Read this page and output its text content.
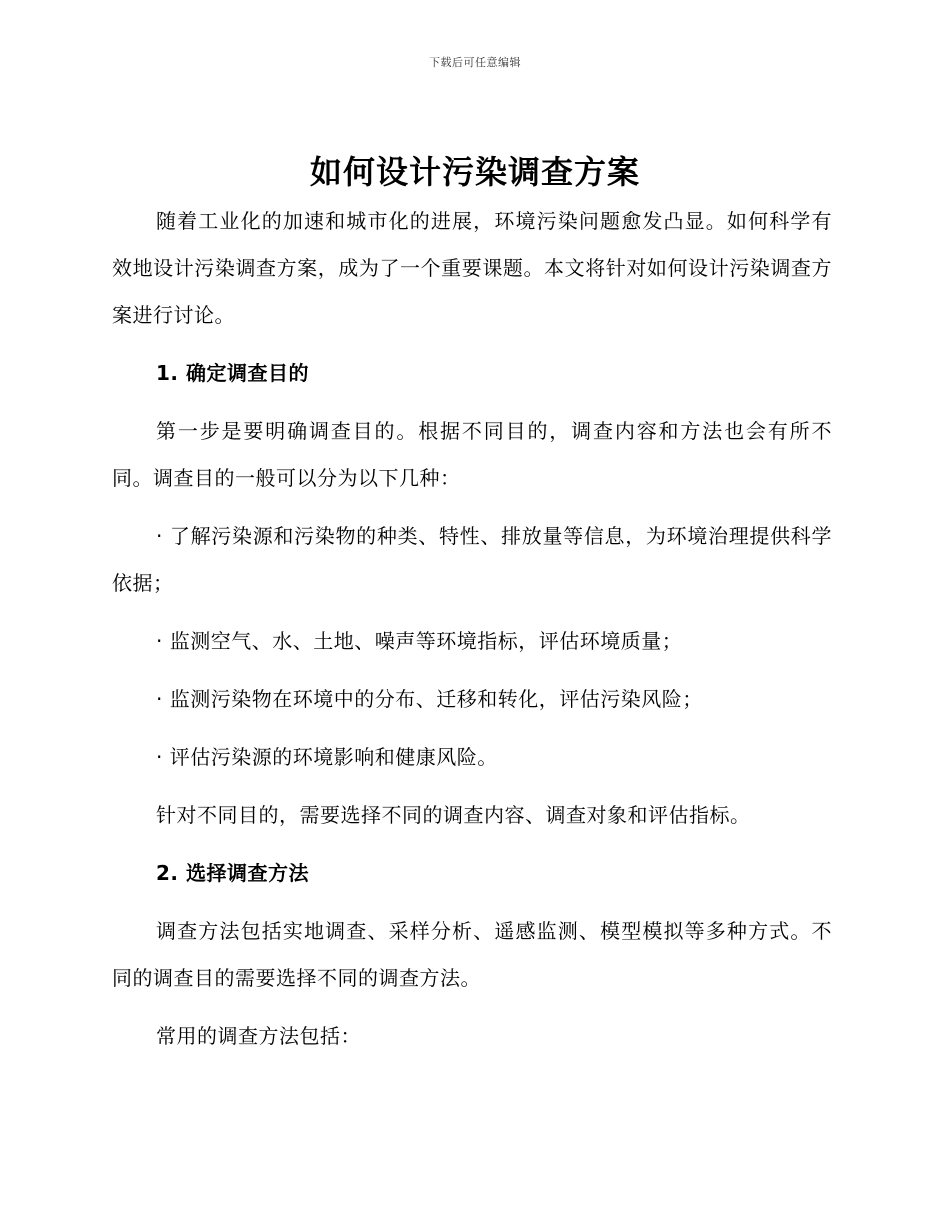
下载后可任意编辑
如何设计污染调查方案

随着工业化的加速和城市化的进展，环境污染问题愈发凸显。如何科学有效地设计污染调查方案，成为了一个重要课题。本文将针对如何设计污染调查方案进行讨论。

1. 确定调查目的

第一步是要明确调查目的。根据不同目的，调查内容和方法也会有所不同。调查目的一般可以分为以下几种：

· 了解污染源和污染物的种类、特性、排放量等信息，为环境治理提供科学依据；

· 监测空气、水、土地、噪声等环境指标，评估环境质量；

· 监测污染物在环境中的分布、迁移和转化，评估污染风险；

· 评估污染源的环境影响和健康风险。

针对不同目的，需要选择不同的调查内容、调查对象和评估指标。

2. 选择调查方法

调查方法包括实地调查、采样分析、遥感监测、模型模拟等多种方式。不同的调查目的需要选择不同的调查方法。

常用的调查方法包括：
